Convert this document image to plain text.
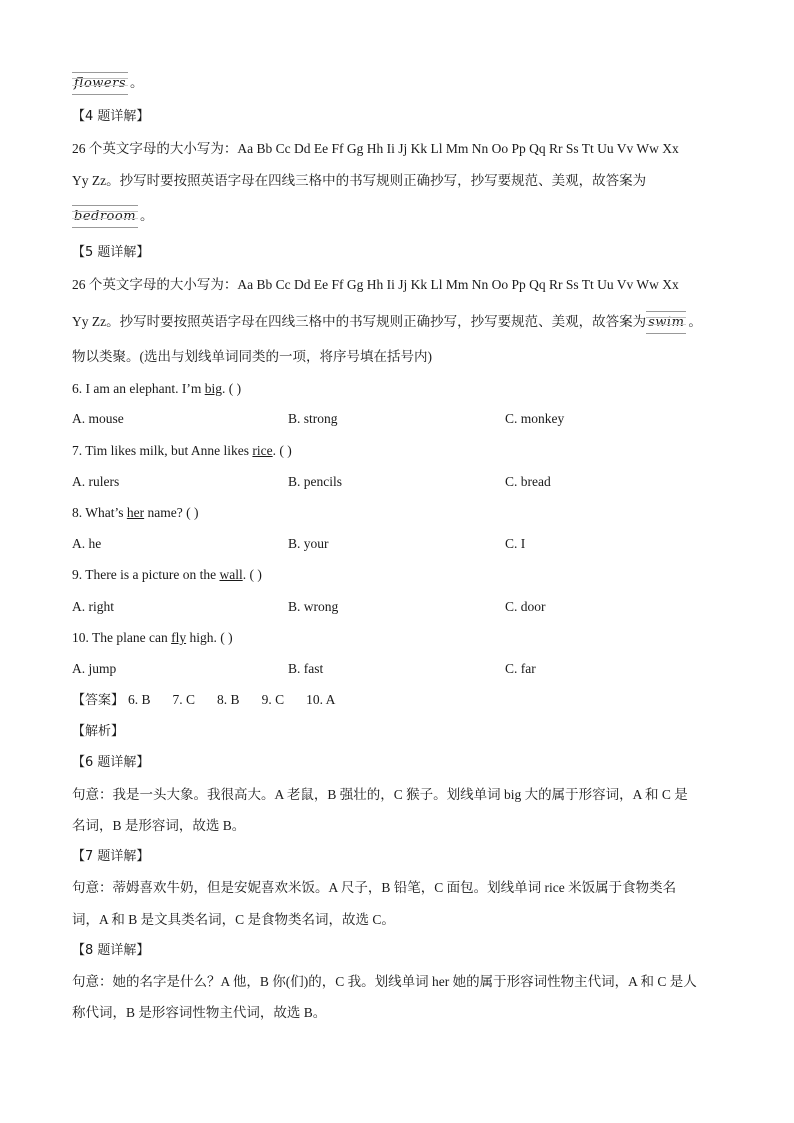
flowers 。
【4 题详解】
26 个英文字母的大小写为：Aa Bb Cc Dd Ee Ff Gg Hh Ii Jj Kk Ll Mm Nn Oo Pp Qq Rr Ss Tt Uu Vv Ww Xx
Yy Zz。抄写时要按照英语字母在四线三格中的书写规则正确抄写，抄写要规范、美观，故答案为
bedroom 。
【5 题详解】
26 个英文字母的大小写为：Aa Bb Cc Dd Ee Ff Gg Hh Ii Jj Kk Ll Mm Nn Oo Pp Qq Rr Ss Tt Uu Vv Ww Xx
Yy Zz。抄写时要按照英语字母在四线三格中的书写规则正确抄写，抄写要规范、美观，故答案为 swim 。
物以类聚。(选出与划线单词同类的一项，将序号填在括号内)
6. I am an elephant. I’m big. ( )
A. mouse	B. strong	C. monkey
7. Tim likes milk, but Anne likes rice. ( )
A. rulers	B. pencils	C. bread
8. What’s her name? ( )
A. he	B. your	C. I
9. There is a picture on the wall. ( )
A. right	B. wrong	C. door
10. The plane can fly high. ( )
A. jump	B. fast	C. far
【答案】 6. B 7. C 8. B 9. C 10. A
【解析】
【6 题详解】
句意：我是一头大象。我很高大。A 老鼠，B 强壮的，C 猴子。划线单词 big 大的属于形容词，A 和 C 是
名词，B 是形容词，故选 B。
【7 题详解】
句意：蒂姆喜欢牛奶，但是安妮喜欢米饭。A 尺子，B 铅笔，C 面包。划线单词 rice 米饭属于食物类名
词，A 和 B 是文具类名词，C 是食物类名词，故选 C。
【8 题详解】
句意：她的名字是什么？A 他，B 你(们)的，C 我。划线单词 her 她的属于形容词性物主代词，A 和 C 是人
称代词，B 是形容词性物主代词，故选 B。
